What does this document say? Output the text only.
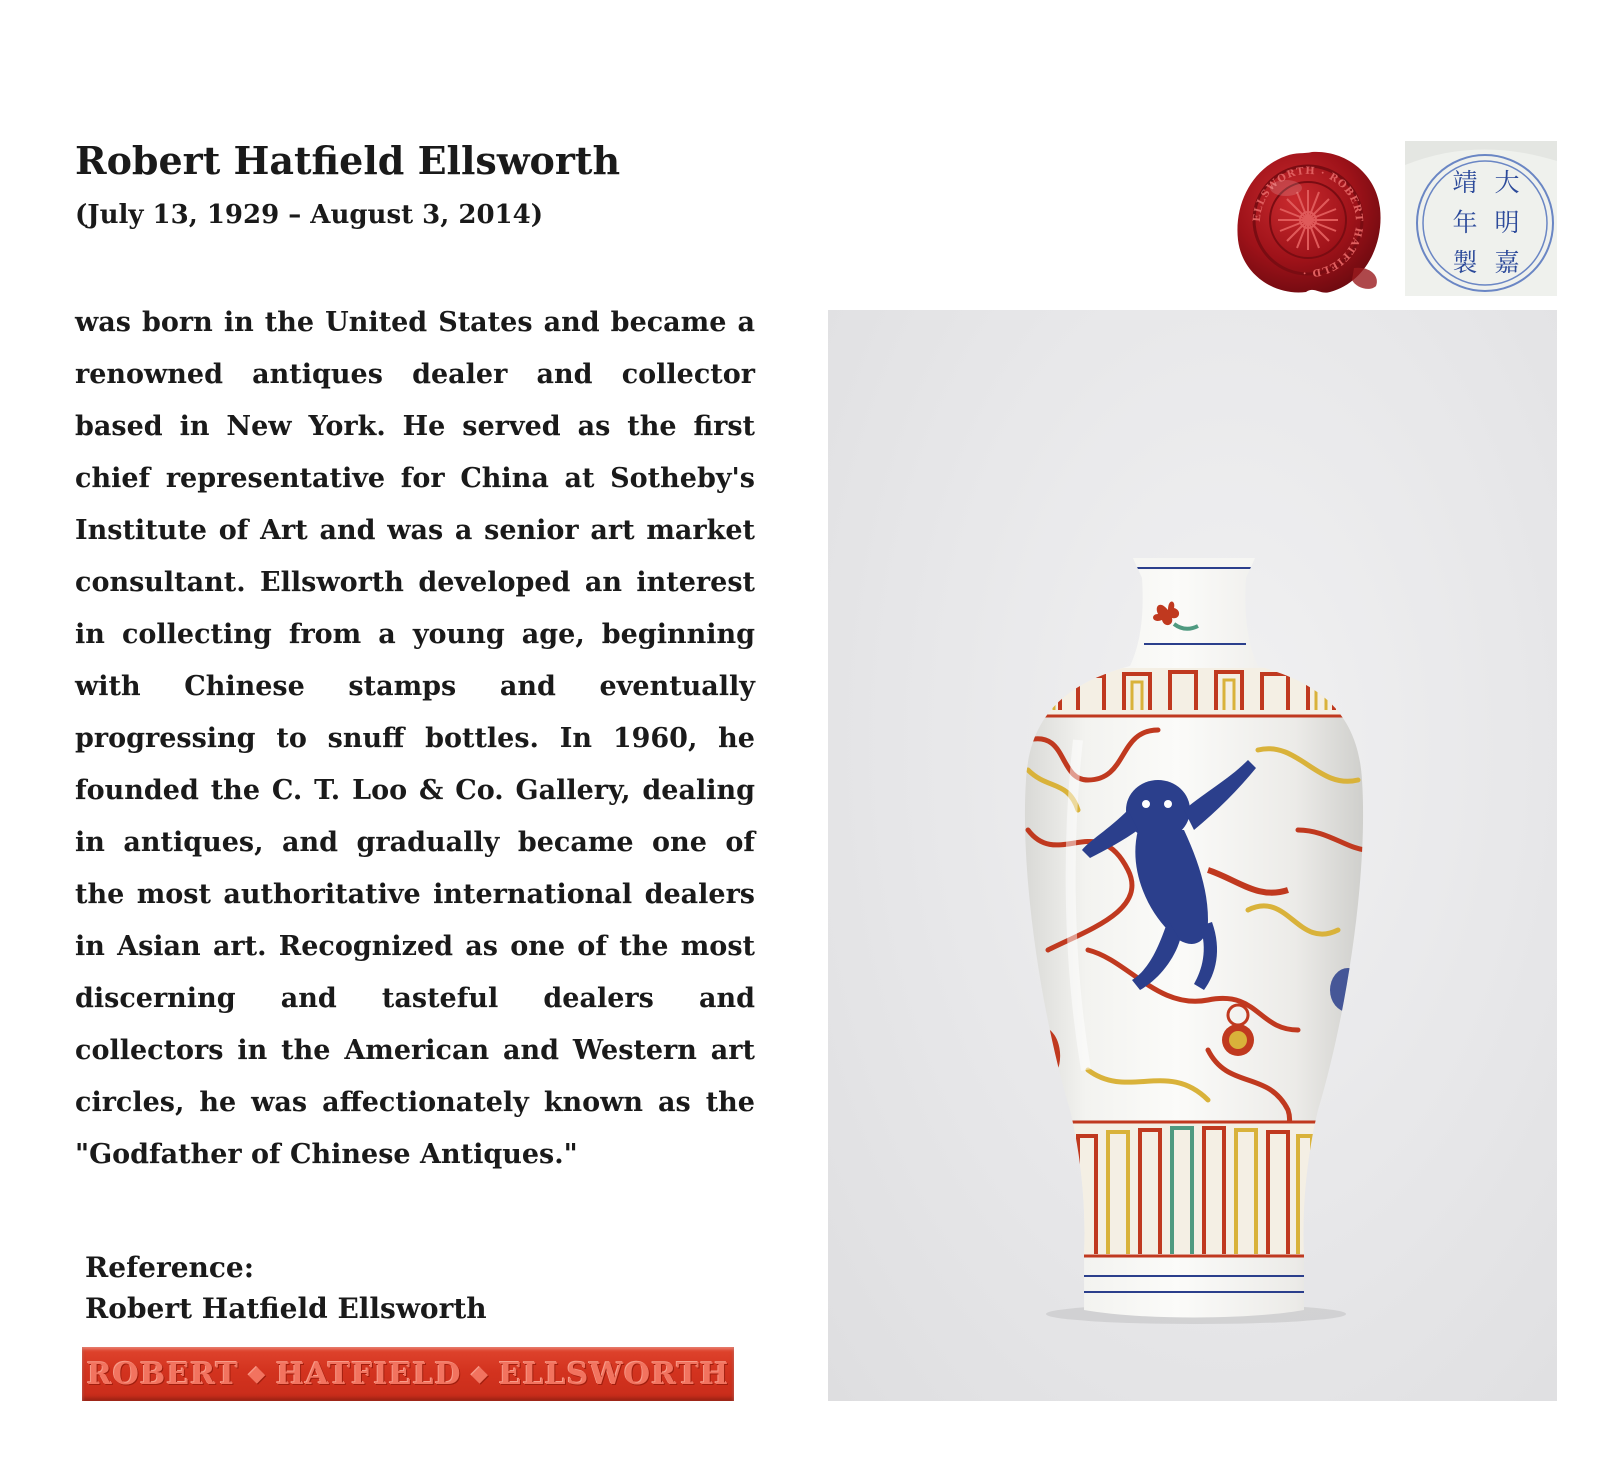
Robert Hatfield Ellsworth
(July 13, 1929 – August 3, 2014)

was born in the United States and became a renowned antiques dealer and collector based in New York. He served as the first chief representative for China at Sotheby's Institute of Art and was a senior art market consultant. Ellsworth developed an interest in collecting from a young age, beginning with Chinese stamps and eventually progressing to snuff bottles. In 1960, he founded the C. T. Loo & Co. Gallery, dealing in antiques, and gradually became one of the most authoritative international dealers in Asian art. Recognized as one of the most discerning and tasteful dealers and collectors in the American and Western art circles, he was affectionately known as the "Godfather of Chinese Antiques."

Reference:
Robert Hatfield Ellsworth
ROBERT ◆ HATFIELD ◆ ELLSWORTH
ELLSWORTH · ROBERT HATFIELD ·
大
明
嘉
靖
年
製
